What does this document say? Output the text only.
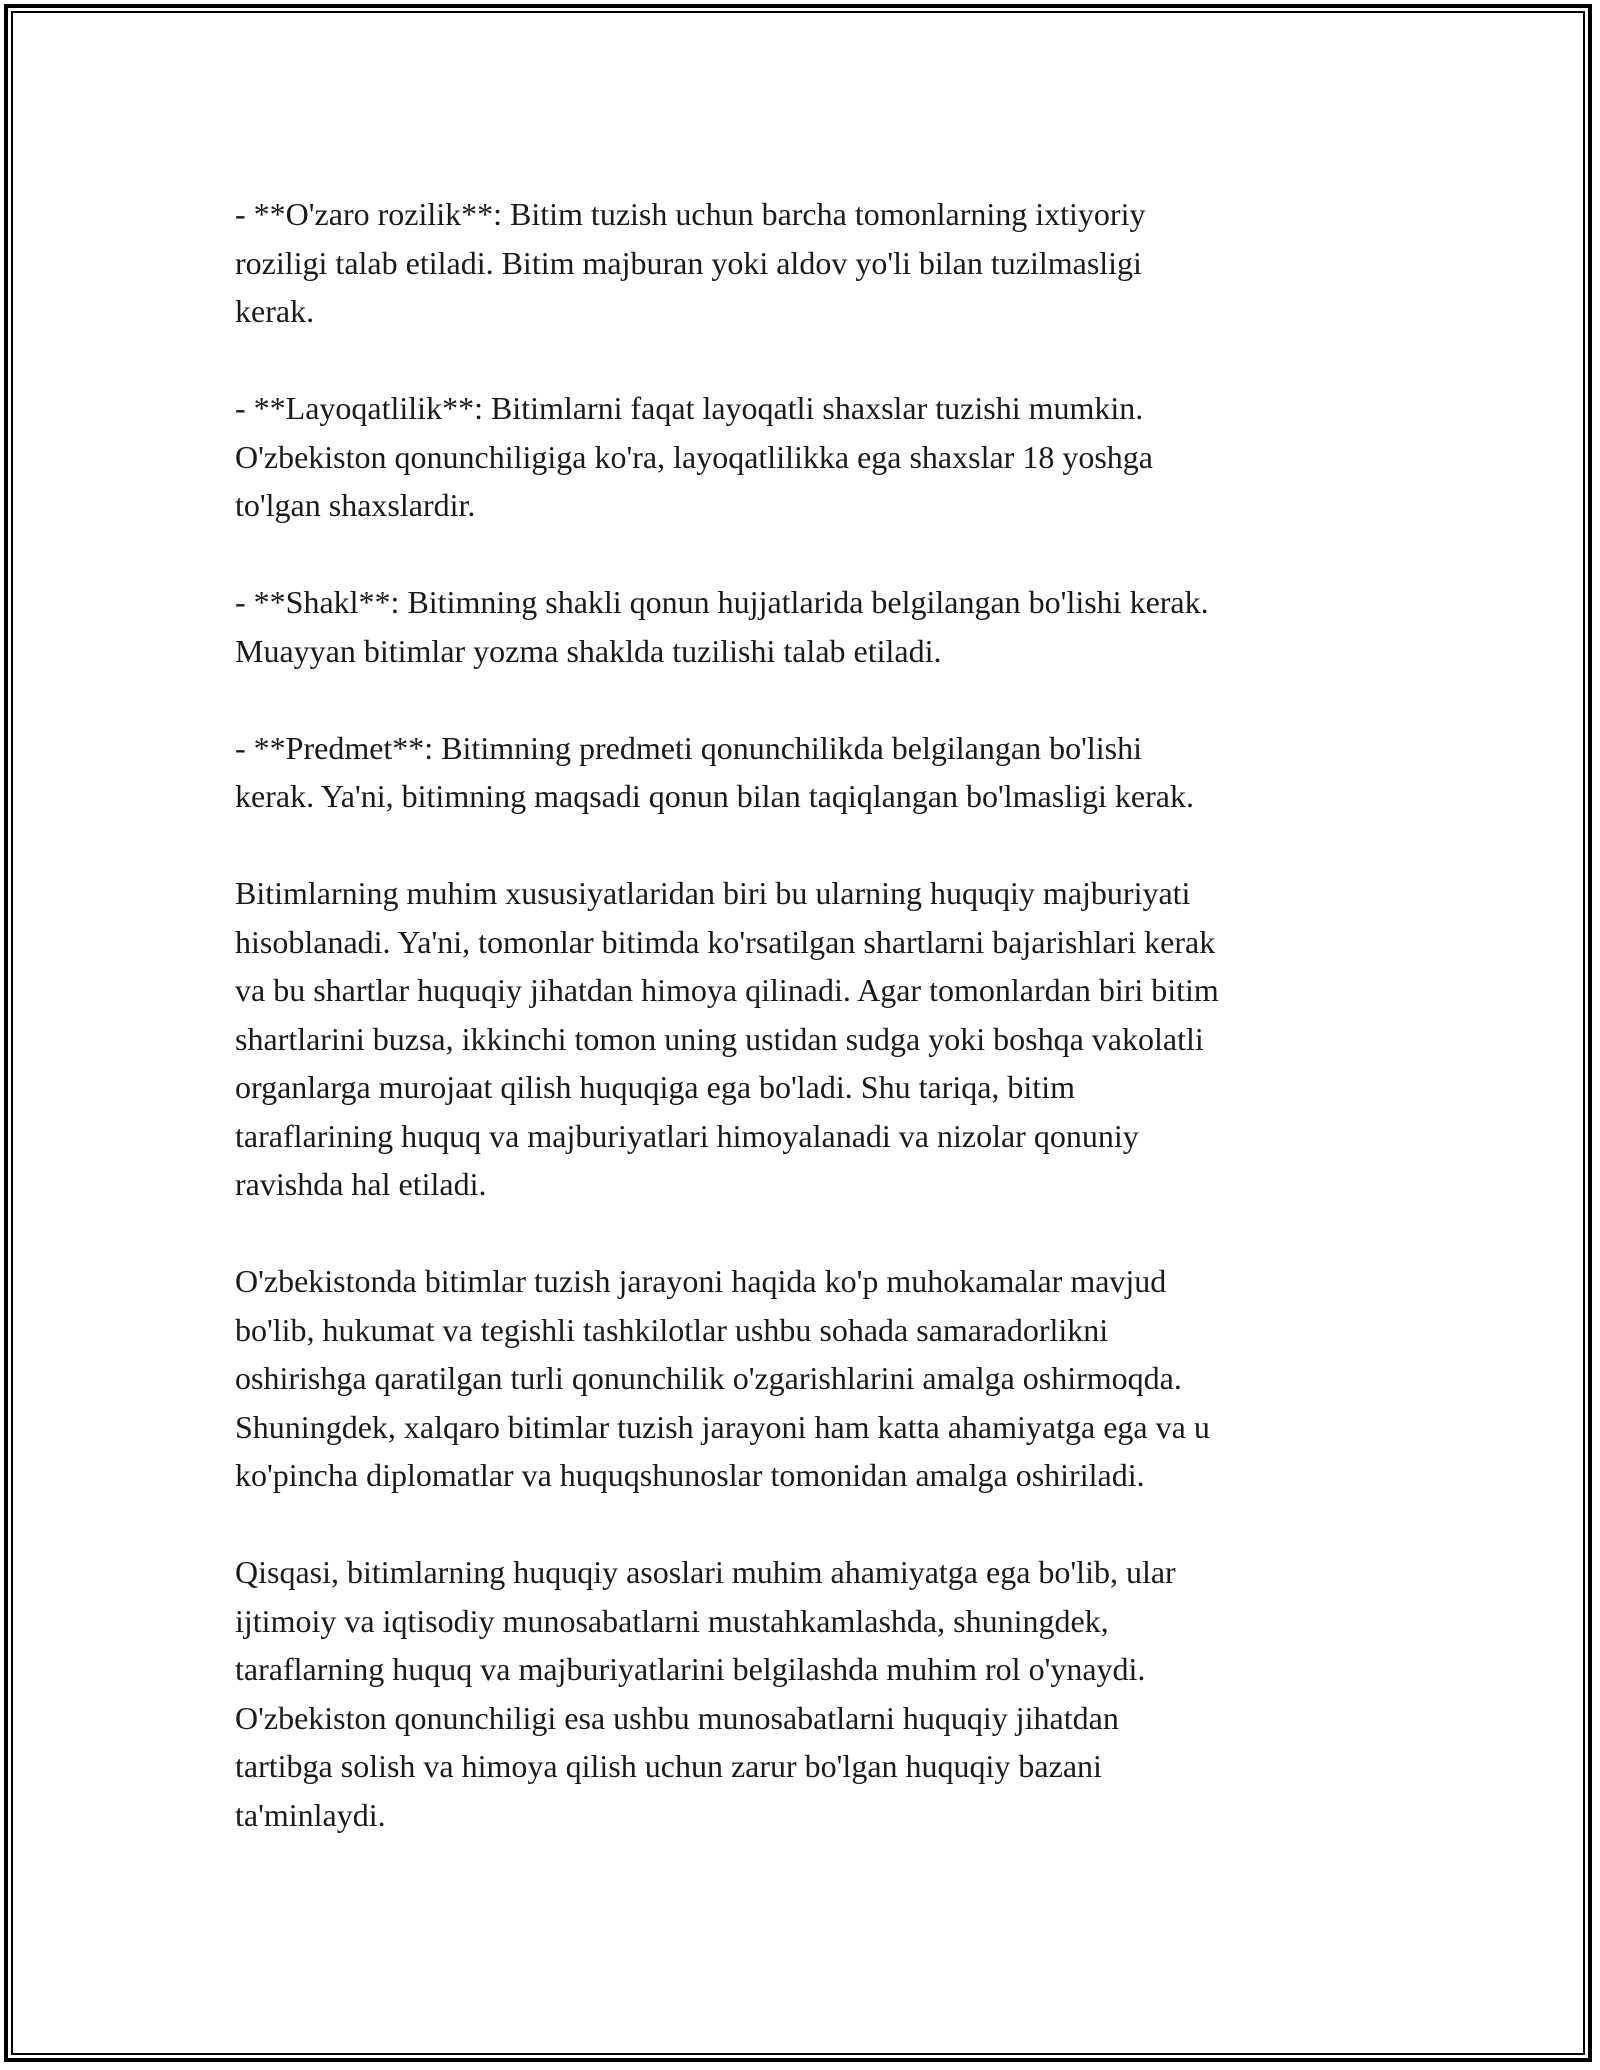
- **O'zaro rozilik**: Bitim tuzish uchun barcha tomonlarning ixtiyoriy
roziligi talab etiladi. Bitim majburan yoki aldov yo'li bilan tuzilmasligi
kerak.
- **Layoqatlilik**: Bitimlarni faqat layoqatli shaxslar tuzishi mumkin.
O'zbekiston qonunchiligiga ko'ra, layoqatlilikka ega shaxslar 18 yoshga
to'lgan shaxslardir.
- **Shakl**: Bitimning shakli qonun hujjatlarida belgilangan bo'lishi kerak.
Muayyan bitimlar yozma shaklda tuzilishi talab etiladi.
- **Predmet**: Bitimning predmeti qonunchilikda belgilangan bo'lishi
kerak. Ya'ni, bitimning maqsadi qonun bilan taqiqlangan bo'lmasligi kerak.
Bitimlarning muhim xususiyatlaridan biri bu ularning huquqiy majburiyati
hisoblanadi. Ya'ni, tomonlar bitimda ko'rsatilgan shartlarni bajarishlari kerak
va bu shartlar huquqiy jihatdan himoya qilinadi. Agar tomonlardan biri bitim
shartlarini buzsa, ikkinchi tomon uning ustidan sudga yoki boshqa vakolatli
organlarga murojaat qilish huquqiga ega bo'ladi. Shu tariqa, bitim
taraflarining huquq va majburiyatlari himoyalanadi va nizolar qonuniy
ravishda hal etiladi.
O'zbekistonda bitimlar tuzish jarayoni haqida ko'p muhokamalar mavjud
bo'lib, hukumat va tegishli tashkilotlar ushbu sohada samaradorlikni
oshirishga qaratilgan turli qonunchilik o'zgarishlarini amalga oshirmoqda.
Shuningdek, xalqaro bitimlar tuzish jarayoni ham katta ahamiyatga ega va u
ko'pincha diplomatlar va huquqshunoslar tomonidan amalga oshiriladi.
Qisqasi, bitimlarning huquqiy asoslari muhim ahamiyatga ega bo'lib, ular
ijtimoiy va iqtisodiy munosabatlarni mustahkamlashda, shuningdek,
taraflarning huquq va majburiyatlarini belgilashda muhim rol o'ynaydi.
O'zbekiston qonunchiligi esa ushbu munosabatlarni huquqiy jihatdan
tartibga solish va himoya qilish uchun zarur bo'lgan huquqiy bazani
ta'minlaydi.
